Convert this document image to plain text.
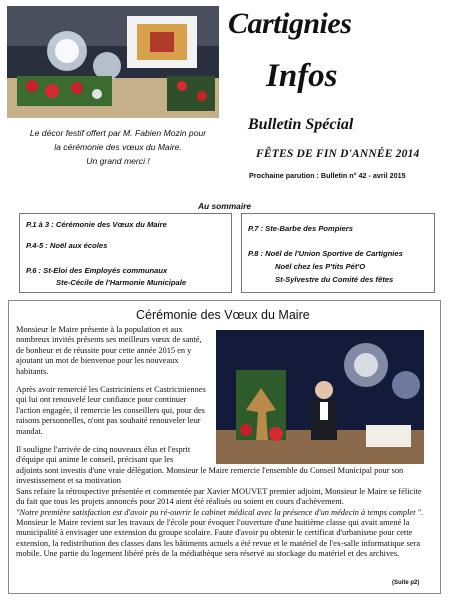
Le décor festif offert par M. Fabien Mozin pour
la cérémonie des vœux du Maire.
Un grand merci !
Cartignies
Infos
Bulletin Spécial
FÊTES DE FIN D'ANNÉE 2014
Prochaine parution : Bulletin n° 42 - avril 2015
Au sommaire
P.1 à 3 : Cérémonie des Vœux du Maire
P.4-5 : Noël aux écoles
P.6 : St-Eloi des Employés communaux
Ste-Cécile de l'Harmonie Municipale
P.7 : Ste-Barbe des Pompiers
P.8 : Noël de l'Union Sportive de Cartignies
Noël chez les P'tits Pét'O
St-Sylvestre du Comité des fêtes
Cérémonie des Vœux du Maire

Monsieur le Maire présente à la population et aux nombreux invités présents ses meilleurs vœux de santé, de bonheur et de réussite pour cette année 2015 en y ajoutant un mot de bienvenue pour les nouveaux habitants.

Après avoir remercié les Castriciniens et Castriciniennes qui lui ont renouvelé leur confiance pour continuer l'action engagée, il remercie les conseillers qui, pour des raisons personnelles, n'ont pas souhaité renouveler leur mandat.

Il souligne l'arrivée de cinq nouveaux élus et l'esprit d'équipe qui anime le conseil, précisant que les

adjoints sont investis d'une vraie délégation. Monsieur le Maire remercie l'ensemble du Conseil Municipal pour son investissement et sa motivation

Sans refaire la rétrospective présentée et commentée par Xavier MOUVET premier adjoint, Monsieur le Maire se félicite du fait que tous les projets annoncés pour 2014 aient été réalisés ou soient en cours d'achèvement.

"Notre première satisfaction est d'avoir pu ré-ouvrir le cabinet médical avec la présence d'un médecin à temps complet ".

Monsieur le Maire revient sur les travaux de l'école pour évoquer l'ouverture d'une huitième classe qui avait amené la municipalité à envisager une extension du groupe scolaire. Faute d'avoir pu obtenir le certificat d'urbanisme pour cette extension, la redistribution des classes dans les bâtiments actuels a été revue et le matériel de l'ex-salle informatique sera mobile. Une partie du logement libéré près de la médiathèque sera réservé au stockage du matériel et des archives.

(Suite p2)
